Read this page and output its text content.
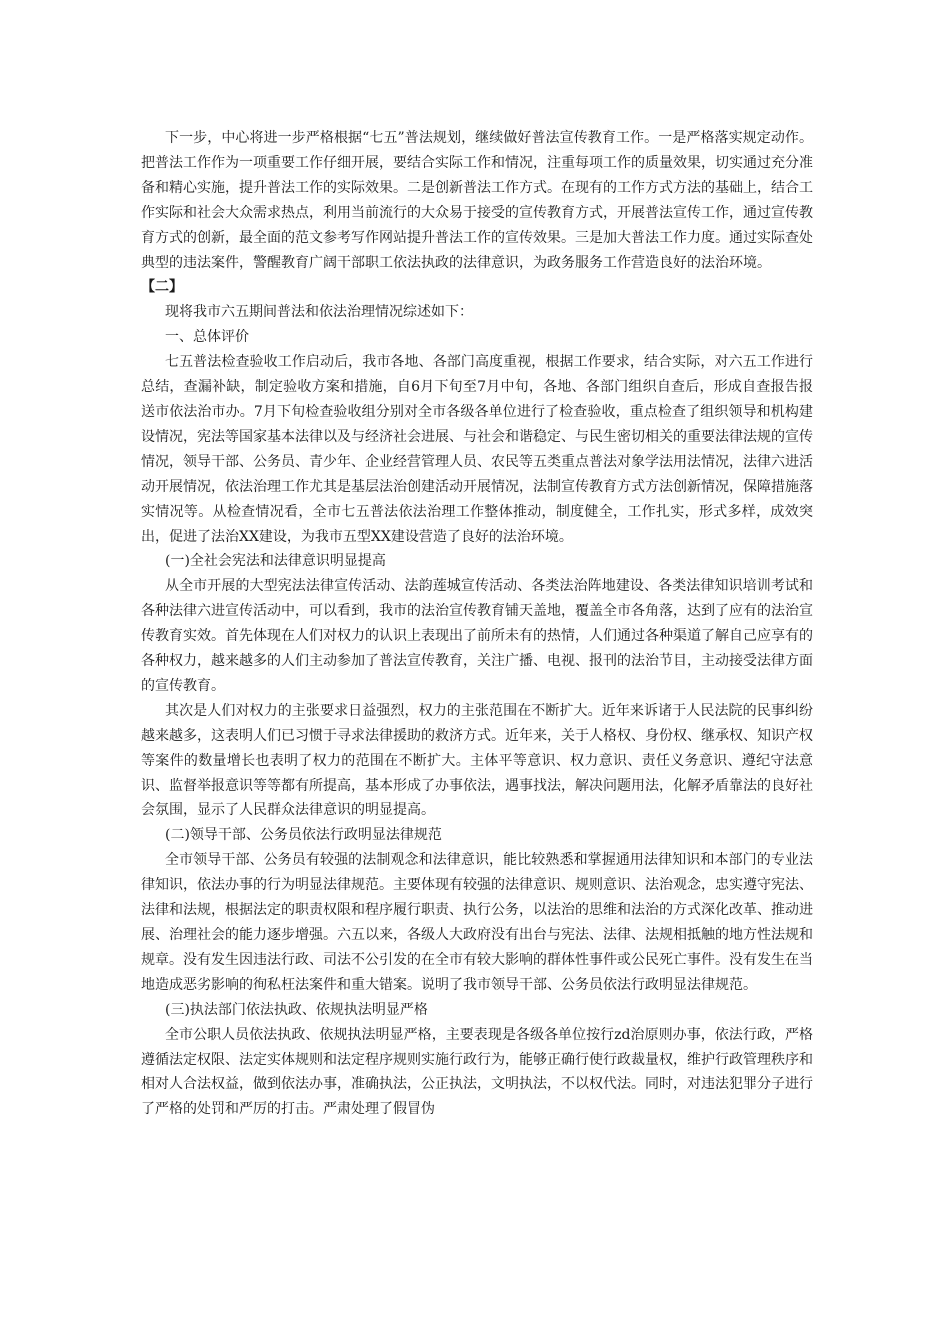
下一步，中心将进一步严格根据“七五”普法规划，继续做好普法宣传教育工作。一是严格落实规定动作。把普法工作作为一项重要工作仔细开展，要结合实际工作和情况，注重每项工作的质量效果，切实通过充分准备和精心实施，提升普法工作的实际效果。二是创新普法工作方式。在现有的工作方式方法的基础上，结合工作实际和社会大众需求热点，利用当前流行的大众易于接受的宣传教育方式，开展普法宣传工作，通过宣传教育方式的创新，最全面的范文参考写作网站提升普法工作的宣传效果。三是加大普法工作力度。通过实际查处典型的违法案件，警醒教育广阔干部职工依法执政的法律意识，为政务服务工作营造良好的法治环境。

【二】

现将我市六五期间普法和依法治理情况综述如下：

一、总体评价

七五普法检查验收工作启动后，我市各地、各部门高度重视，根据工作要求，结合实际，对六五工作进行总结，查漏补缺，制定验收方案和措施，自6月下旬至7月中旬，各地、各部门组织自查后，形成自查报告报送市依法治市办。7月下旬检查验收组分别对全市各级各单位进行了检查验收，重点检查了组织领导和机构建设情况，宪法等国家基本法律以及与经济社会进展、与社会和谐稳定、与民生密切相关的重要法律法规的宣传情况，领导干部、公务员、青少年、企业经营管理人员、农民等五类重点普法对象学法用法情况，法律六进活动开展情况，依法治理工作尤其是基层法治创建活动开展情况，法制宣传教育方式方法创新情况，保障措施落实情况等。从检查情况看，全市七五普法依法治理工作整体推动，制度健全，工作扎实，形式多样，成效突出，促进了法治XX建设，为我市五型XX建设营造了良好的法治环境。

(一)全社会宪法和法律意识明显提高

从全市开展的大型宪法法律宣传活动、法韵莲城宣传活动、各类法治阵地建设、各类法律知识培训考试和各种法律六进宣传活动中，可以看到，我市的法治宣传教育铺天盖地，覆盖全市各角落，达到了应有的法治宣传教育实效。首先体现在人们对权力的认识上表现出了前所未有的热情，人们通过各种渠道了解自己应享有的各种权力，越来越多的人们主动参加了普法宣传教育，关注广播、电视、报刊的法治节目，主动接受法律方面的宣传教育。

其次是人们对权力的主张要求日益强烈，权力的主张范围在不断扩大。近年来诉诸于人民法院的民事纠纷越来越多，这表明人们已习惯于寻求法律援助的救济方式。近年来，关于人格权、身份权、继承权、知识产权等案件的数量增长也表明了权力的范围在不断扩大。主体平等意识、权力意识、责任义务意识、遵纪守法意识、监督举报意识等等都有所提高，基本形成了办事依法，遇事找法，解决问题用法，化解矛盾靠法的良好社会氛围，显示了人民群众法律意识的明显提高。

(二)领导干部、公务员依法行政明显法律规范

全市领导干部、公务员有较强的法制观念和法律意识，能比较熟悉和掌握通用法律知识和本部门的专业法律知识，依法办事的行为明显法律规范。主要体现有较强的法律意识、规则意识、法治观念，忠实遵守宪法、法律和法规，根据法定的职责权限和程序履行职责、执行公务，以法治的思维和法治的方式深化改革、推动进展、治理社会的能力逐步增强。六五以来，各级人大政府没有出台与宪法、法律、法规相抵触的地方性法规和规章。没有发生因违法行政、司法不公引发的在全市有较大影响的群体性事件或公民死亡事件。没有发生在当地造成恶劣影响的徇私枉法案件和重大错案。说明了我市领导干部、公务员依法行政明显法律规范。

(三)执法部门依法执政、依规执法明显严格

全市公职人员依法执政、依规执法明显严格，主要表现是各级各单位按行zd治原则办事，依法行政，严格遵循法定权限、法定实体规则和法定程序规则实施行政行为，能够正确行使行政裁量权，维护行政管理秩序和相对人合法权益，做到依法办事，准确执法，公正执法，文明执法，不以权代法。同时，对违法犯罪分子进行了严格的处罚和严厉的打击。严肃处理了假冒伪
